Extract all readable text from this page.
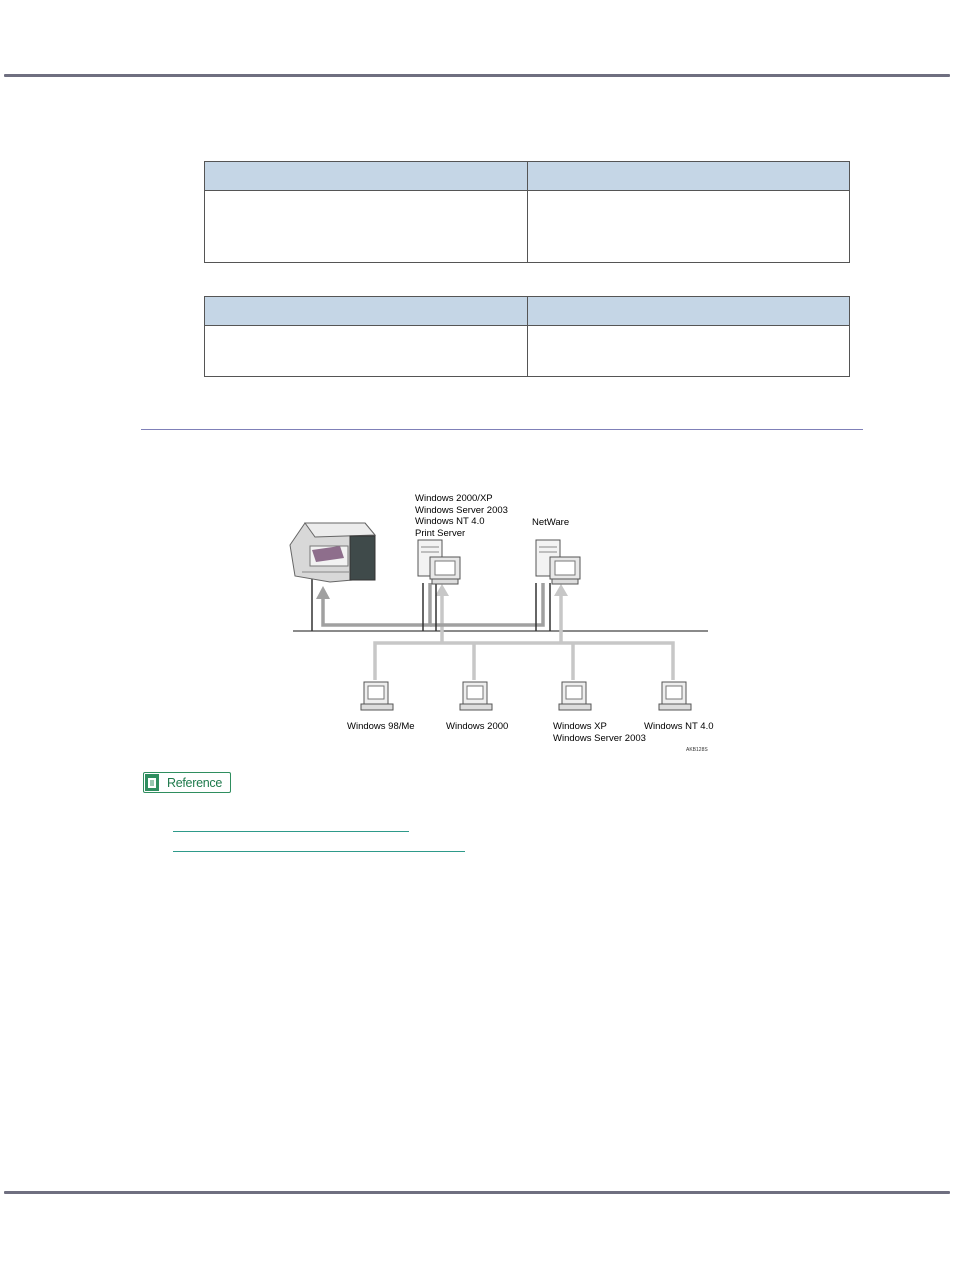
Windows 2000/XP
Windows Server 2003
Windows NT 4.0
Print Server
NetWare
Windows 98/Me	Windows 2000	Windows XP
Windows Server 2003
Windows NT 4.0
AKB128S
Reference
